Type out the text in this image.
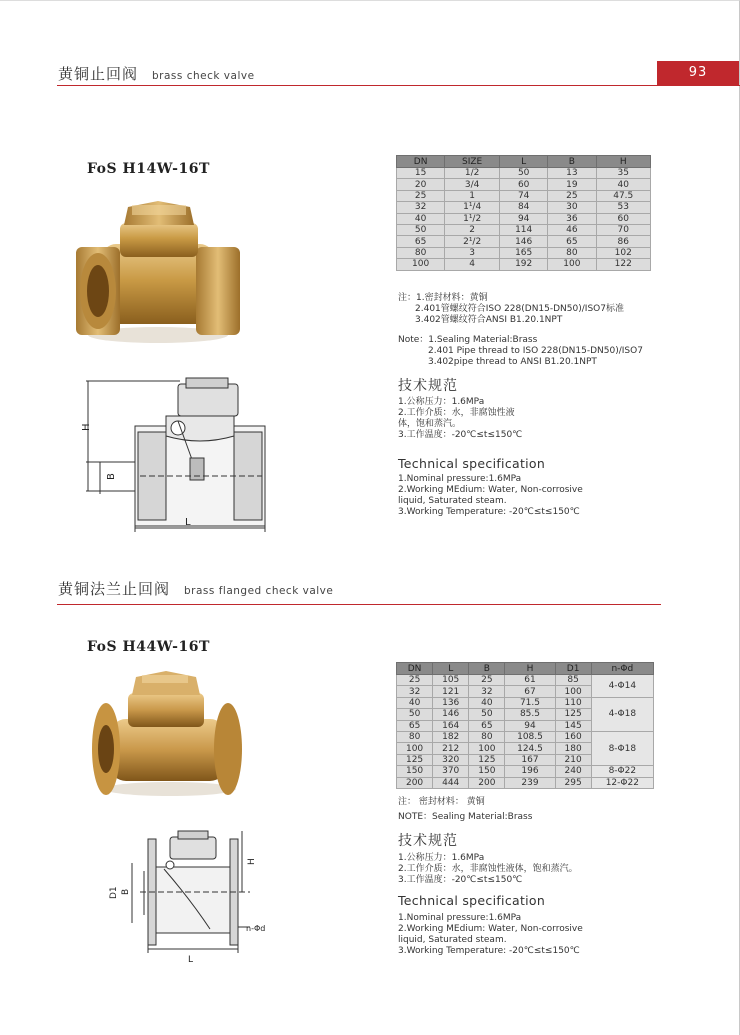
黄铜止回阀 brass check valve	93
FoS H14W-16T
H
B
L
DN	SIZE	L	B	H
15	1/2	50	13	35
20	3/4	60	19	40
25	1	74	25	47.5
32	1¹/4	84	30	53
40	1¹/2	94	36	60
50	2	114	46	70
65	2¹/2	146	65	86
80	3	165	80	102
100	4	192	100	122
注：1.密封材料：黄铜
2.401管螺纹符合ISO 228(DN15-DN50)/ISO7标准
3.402管螺纹符合ANSI B1.20.1NPT
Note：1.Sealing Material:Brass
2.401 Pipe thread to ISO 228(DN15-DN50)/ISO7
3.402pipe thread to ANSI B1.20.1NPT
技术规范
1.公称压力：1.6MPa
2.工作介质：水，非腐蚀性液
体，饱和蒸汽。
3.工作温度：-20℃≤t≤150℃
Technical specification
1.Nominal pressure:1.6MPa
2.Working MEdium: Water, Non-corrosive
liquid, Saturated steam.
3.Working Temperature: -20℃≤t≤150℃
黄铜法兰止回阀 brass flanged check valve
FoS H44W-16T
D1 B
H
L
n-Φd
DN	L	B	H	D1	n-Φd
25	105	25	61	85	4-Φ14
32	121	32	67	100	
40	136	40	71.5	110	4-Φ18
50	146	50	85.5	125	
65	164	65	94	145	
80	182	80	108.5	160	8-Φ18
100	212	100	124.5	180	
125	320	125	167	210	
150	370	150	196	240	8-Φ22
200	444	200	239	295	12-Φ22
注： 密封材料： 黄铜
NOTE：Sealing Material:Brass
技术规范
1.公称压力：1.6MPa
2.工作介质：水，非腐蚀性液体，饱和蒸汽。
3.工作温度：-20℃≤t≤150℃
Technical specification
1.Nominal pressure:1.6MPa
2.Working MEdium: Water, Non-corrosive
liquid, Saturated steam.
3.Working Temperature: -20℃≤t≤150℃
